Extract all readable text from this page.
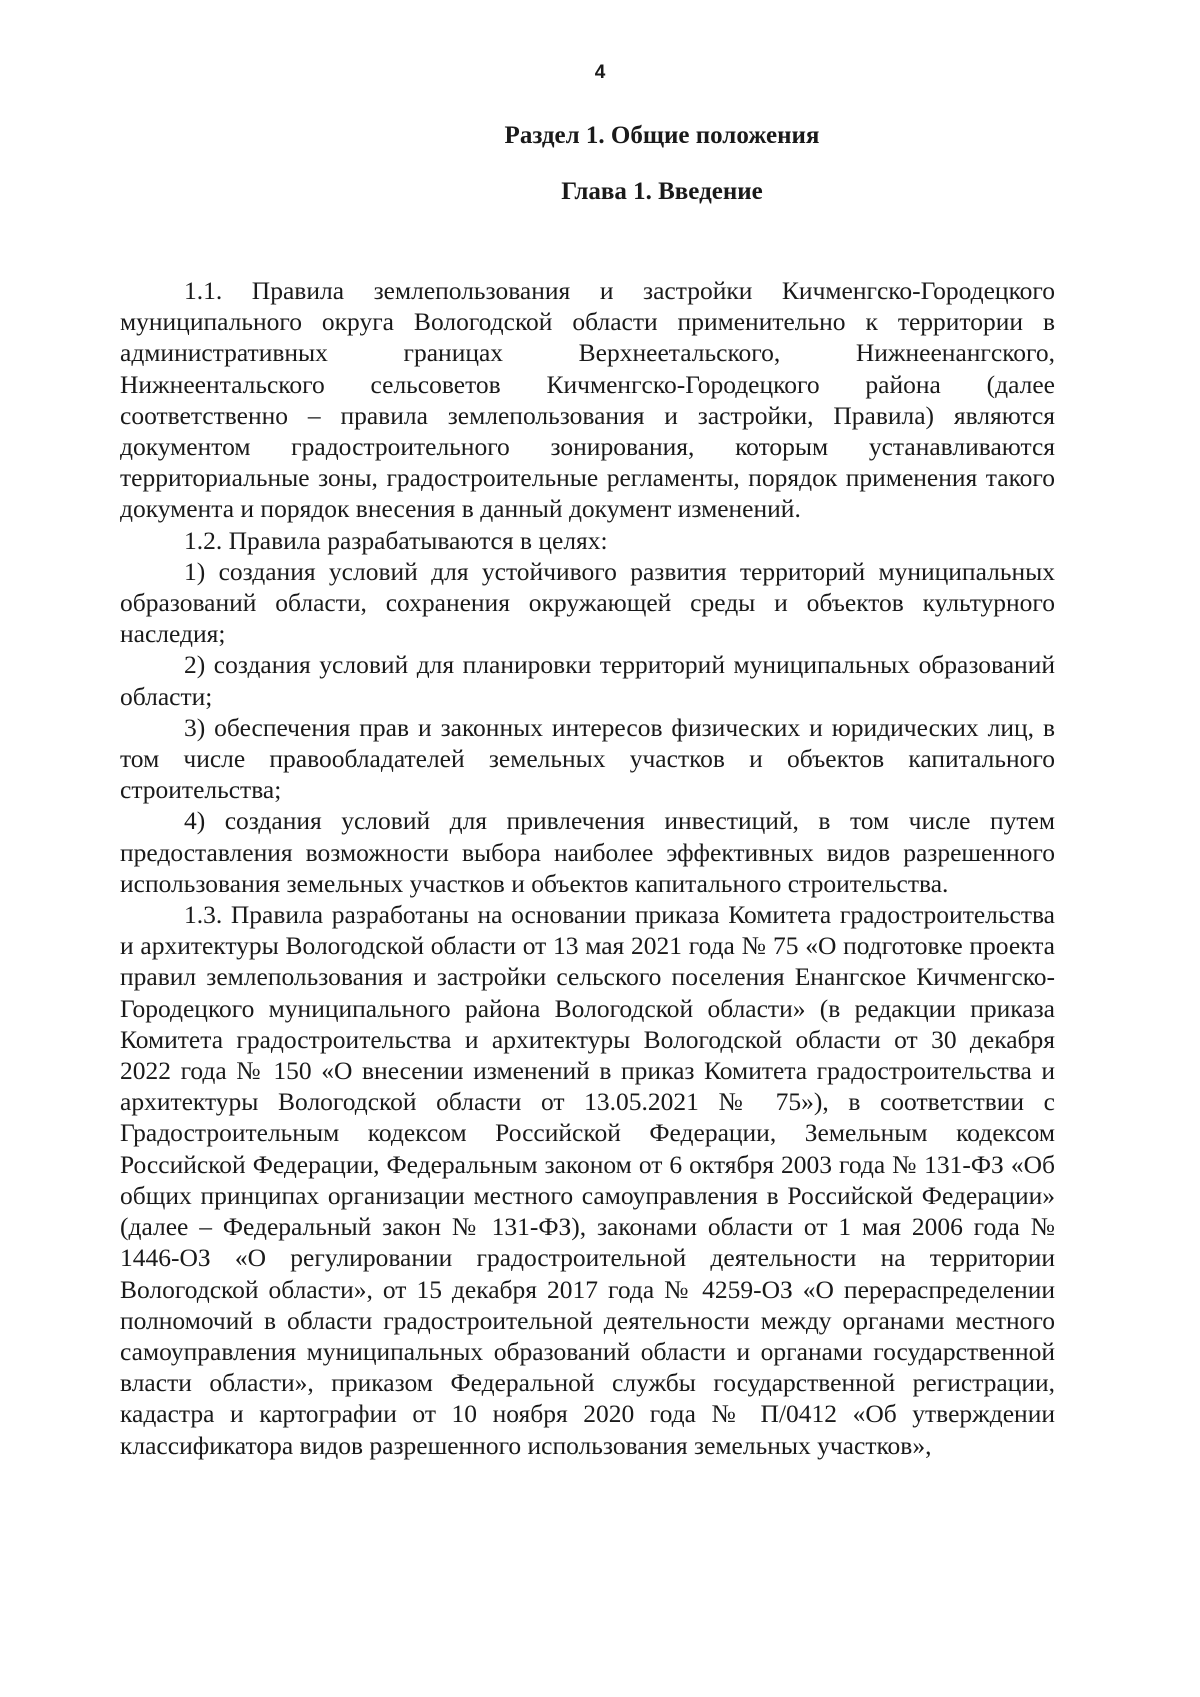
4
Раздел 1. Общие положения
Глава 1. Введение

1.1. Правила землепользования и застройки Кичменгско-Городецкого муниципального округа Вологодской области применительно к территории в административных границах Верхнеетальского, Нижнеенангского, Нижнеентальского сельсоветов Кичменгско-Городецкого района (далее соответственно – правила землепользования и застройки, Правила) являются документом градостроительного зонирования, которым устанавливаются территориальные зоны, градостроительные регламенты, порядок применения такого документа и порядок внесения в данный документ изменений.

1.2. Правила разрабатываются в целях:

1) создания условий для устойчивого развития территорий муниципальных образований области, сохранения окружающей среды и объектов культурного наследия;

2) создания условий для планировки территорий муниципальных образований области;

3) обеспечения прав и законных интересов физических и юридических лиц, в том числе правообладателей земельных участков и объектов капитального строительства;

4) создания условий для привлечения инвестиций, в том числе путем предоставления возможности выбора наиболее эффективных видов разрешенного использования земельных участков и объектов капитального строительства.

1.3. Правила разработаны на основании приказа Комитета градостроительства и архитектуры Вологодской области от 13 мая 2021 года № 75 «О подготовке проекта правил землепользования и застройки сельского поселения Енангское Кичменгско-Городецкого муниципального района Вологодской области» (в редакции приказа Комитета градостроительства и архитектуры Вологодской области от 30 декабря 2022 года № 150 «О внесении изменений в приказ Комитета градостроительства и архитектуры Вологодской области от 13.05.2021 № 75»), в соответствии с Градостроительным кодексом Российской Федерации, Земельным кодексом Российской Федерации, Федеральным законом от 6 октября 2003 года № 131-ФЗ «Об общих принципах организации местного самоуправления в Российской Федерации» (далее – Федеральный закон № 131-ФЗ), законами области от 1 мая 2006 года № 1446-ОЗ «О регулировании градостроительной деятельности на территории Вологодской области», от 15 декабря 2017 года № 4259-ОЗ «О перераспределении полномочий в области градостроительной деятельности между органами местного самоуправления муниципальных образований области и органами государственной власти области», приказом Федеральной службы государственной регистрации, кадастра и картографии от 10 ноября 2020 года № П/0412 «Об утверждении классификатора видов разрешенного использования земельных участков»,
